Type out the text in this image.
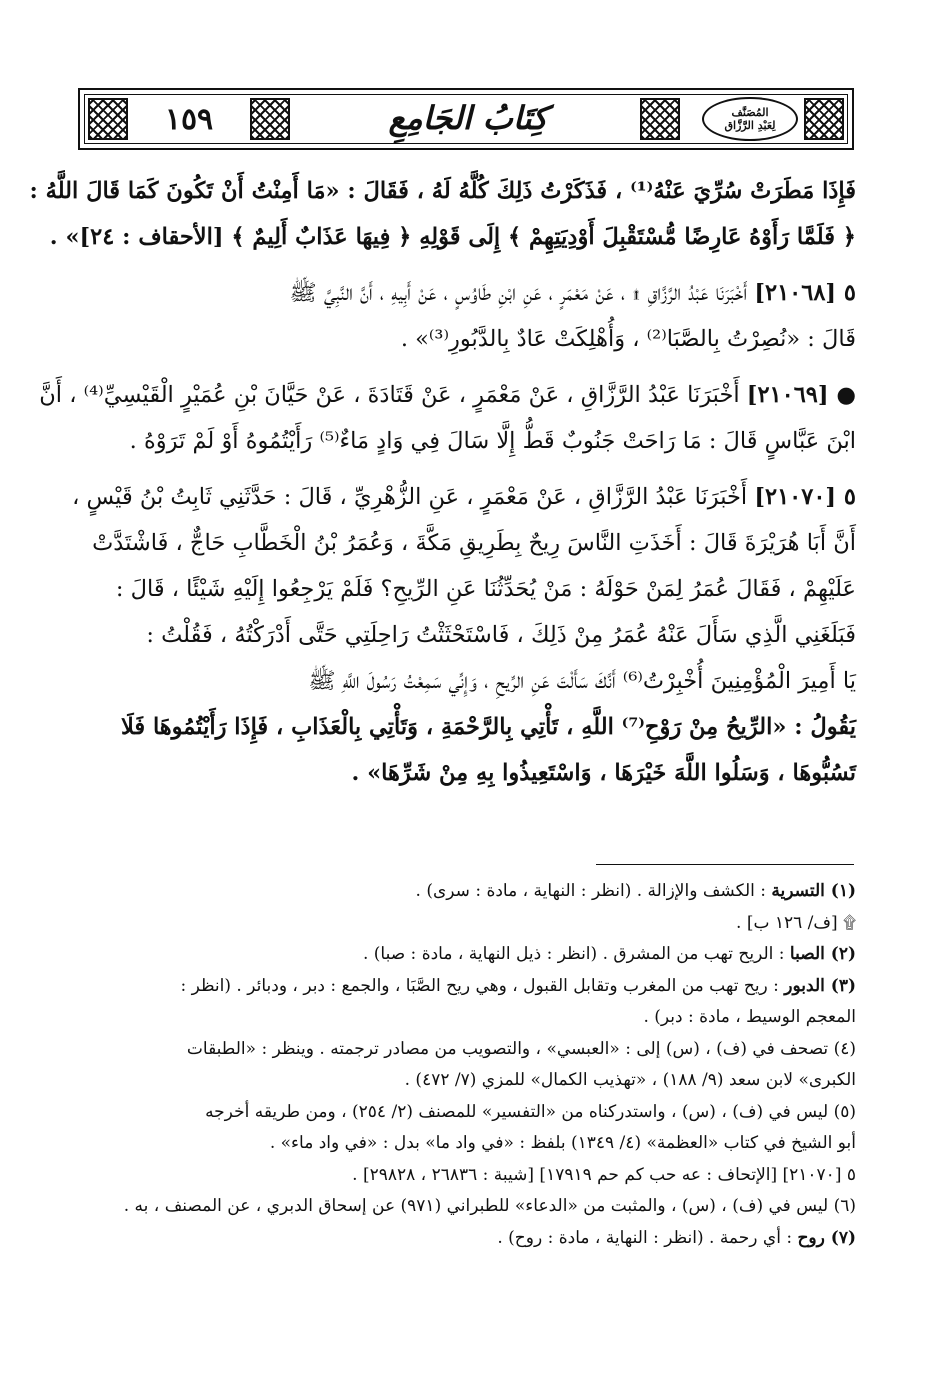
١٥٩	كِتَابُ الجَامِعِ	المُصَنَّف
لِعَبْدِ الرَّزَّاق
فَإِذَا مَطَرَتْ سُرِّيَ عَنْهُ⁽¹⁾ ، فَذَكَرْتُ ذَلِكَ كُلَّهُ لَهُ ، فَقَالَ : «مَا أَمِنْتُ أَنْ تَكُونَ كَمَا قَالَ اللَّهُ :
﴿ فَلَمَّا رَأَوْهُ عَارِضًا مُّسْتَقْبِلَ أَوْدِيَتِهِمْ ﴾ إِلَى قَوْلِهِ ﴿ فِيهَا عَذَابٌ أَلِيمٌ ﴾ [الأحقاف : ٢٤]» .
٥ [٢١٠٦٨] أَخْبَرَنَا عَبْدُ الرَّزَّاقِ ۩ ، عَنْ مَعْمَرٍ ، عَنِ ابْنِ طَاوُسٍ ، عَنْ أَبِيهِ ، أَنَّ النَّبِيَّ ﷺ
قَالَ : «نُصِرْتُ بِالصَّبَا⁽²⁾ ، وَأُهْلِكَتْ عَادٌ بِالدَّبُورِ⁽³⁾» .
● [٢١٠٦٩] أَخْبَرَنَا عَبْدُ الرَّزَّاقِ ، عَنْ مَعْمَرٍ ، عَنْ قَتَادَةَ ، عَنْ حَيَّانَ بْنِ عُمَيْرٍ الْقَيْسِيِّ⁽⁴⁾ ، أَنَّ
ابْنَ عَبَّاسٍ قَالَ : مَا رَاحَتْ جَنُوبٌ قَطُّ إِلَّا سَالَ فِي وَادٍ مَاءٌ⁽⁵⁾ رَأَيْتُمُوهُ أَوْ لَمْ تَرَوْهُ .
٥ [٢١٠٧٠] أَخْبَرَنَا عَبْدُ الرَّزَّاقِ ، عَنْ مَعْمَرٍ ، عَنِ الزُّهْرِيِّ ، قَالَ : حَدَّثَنِي ثَابِتُ بْنُ قَيْسٍ ،
أَنَّ أَبَا هُرَيْرَةَ قَالَ : أَخَذَتِ النَّاسَ رِيحٌ بِطَرِيقِ مَكَّةَ ، وَعُمَرُ بْنُ الْخَطَّابِ حَاجٌّ ، فَاشْتَدَّتْ
عَلَيْهِمْ ، فَقَالَ عُمَرُ لِمَنْ حَوْلَهُ : مَنْ يُحَدِّثُنَا عَنِ الرِّيحِ؟ فَلَمْ يَرْجِعُوا إِلَيْهِ شَيْئًا ، قَالَ :
فَبَلَغَنِي الَّذِي سَأَلَ عَنْهُ عُمَرُ مِنْ ذَلِكَ ، فَاسْتَحْثَثْتُ رَاحِلَتِي حَتَّى أَدْرَكْتُهُ ، فَقُلْتُ :
يَا أَمِيرَ الْمُؤْمِنِينَ أُخْبِرْتُ⁽⁶⁾ أَنَّكَ سَأَلْتَ عَنِ الرِّيحِ ، وَإِنِّي سَمِعْتُ رَسُولَ اللَّهِ ﷺ
يَقُولُ : «الرِّيحُ مِنْ رَوْحِ⁽⁷⁾ اللَّهِ ، تَأْتِي بِالرَّحْمَةِ ، وَتَأْتِي بِالْعَذَابِ ، فَإِذَا رَأَيْتُمُوهَا فَلَا
تَسُبُّوهَا ، وَسَلُوا اللَّهَ خَيْرَهَا ، وَاسْتَعِيذُوا بِهِ مِنْ شَرِّهَا» .
(١) التسرية : الكشف والإزالة . (انظر : النهاية ، مادة : سرى) .
۩ [ف/ ١٢٦ ب] .
(٢) الصبا : الريح تهب من المشرق . (انظر : ذيل النهاية ، مادة : صبا) .
(٣) الدبور : ريح تهب من المغرب وتقابل القبول ، وهي ريح الصَّبَا ، والجمع : دبر ، ودبائر . (انظر :
المعجم الوسيط ، مادة : دبر) .
(٤) تصحف في (ف) ، (س) إلى : «العبسي» ، والتصويب من مصادر ترجمته . وينظر : «الطبقات
الكبرى» لابن سعد (٩/ ١٨٨) ، «تهذيب الكمال» للمزي (٧/ ٤٧٢) .
(٥) ليس في (ف) ، (س) ، واستدركناه من «التفسير» للمصنف (٢/ ٢٥٤) ، ومن طريقه أخرجه
أبو الشيخ في كتاب «العظمة» (٤/ ١٣٤٩) بلفظ : «في واد ما» بدل : «في واد ماء» .
٥ [٢١٠٧٠] [الإتحاف : عه حب كم حم ١٧٩١٩] [شيبة : ٢٦٨٣٦ ، ٢٩٨٢٨] .
(٦) ليس في (ف) ، (س) ، والمثبت من «الدعاء» للطبراني (٩٧١) عن إسحاق الدبري ، عن المصنف ، به .
(٧) روح : أي رحمة . (انظر : النهاية ، مادة : روح) .
